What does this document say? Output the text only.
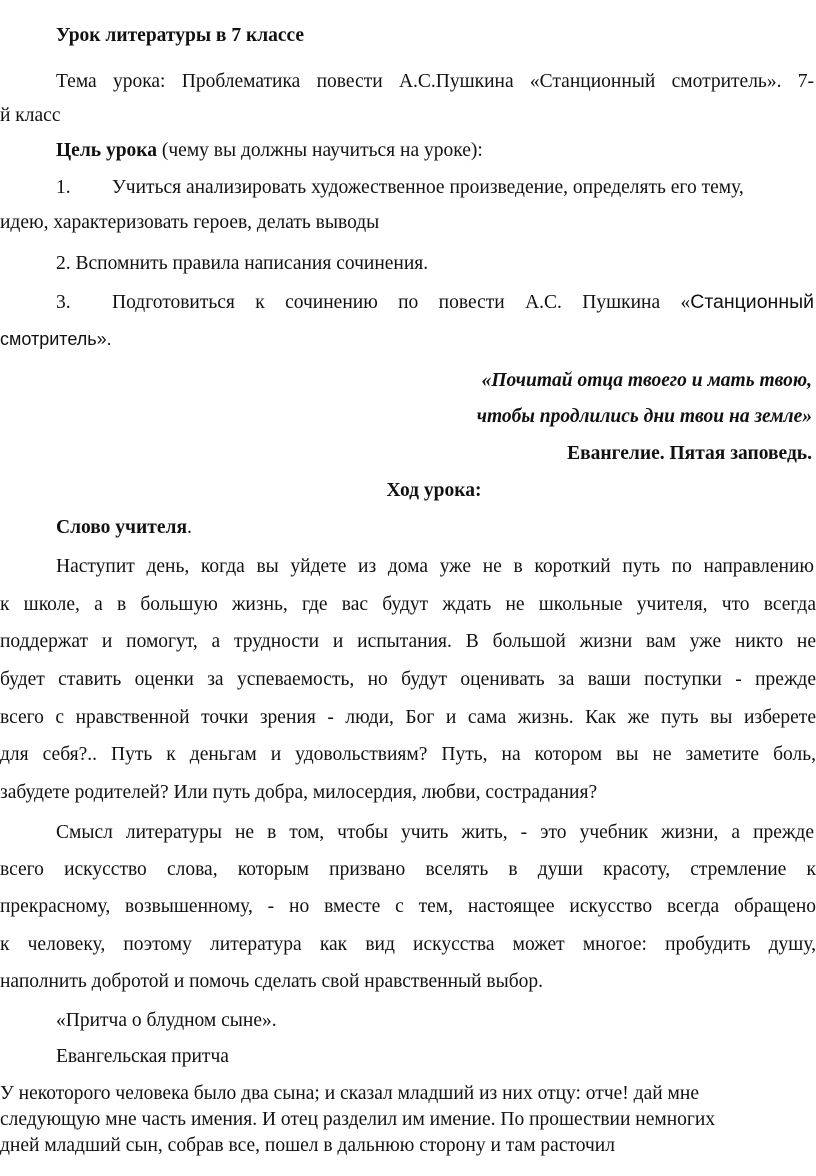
Урок литературы в 7 классе
Тема урока: Проблематика повести А.С.Пушкина «Станционный смотритель». 7-
й класс
Цель урока (чему вы должны научиться на уроке):
1. Учиться анализировать художественное произведение, определять его тему,
идею, характеризовать героев, делать выводы
2. Вспомнить правила написания сочинения.
3. Подготовиться к сочинению по повести А.С. Пушкина «Станционный
смотритель».
«Почитай отца твоего и мать твою,
чтобы продлились дни твои на земле»
Евангелие. Пятая заповедь.
Ход урока:
Слово учителя.
Наступит день, когда вы уйдете из дома уже не в короткий путь по направлению
к школе, а в большую жизнь, где вас будут ждать не школьные учителя, что всегда
поддержат и помогут, а трудности и испытания. В большой жизни вам уже никто не
будет ставить оценки за успеваемость, но будут оценивать за ваши поступки - прежде
всего с нравственной точки зрения - люди, Бог и сама жизнь. Как же путь вы изберете
для себя?.. Путь к деньгам и удовольствиям? Путь, на котором вы не заметите боль,
забудете родителей? Или путь добра, милосердия, любви, сострадания?
Смысл литературы не в том, чтобы учить жить, - это учебник жизни, а прежде
всего искусство слова, которым призвано вселять в души красоту, стремление к
прекрасному, возвышенному, - но вместе с тем, настоящее искусство всегда обращено
к человеку, поэтому литература как вид искусства может многое: пробудить душу,
наполнить добротой и помочь сделать свой нравственный выбор.
«Притча о блудном сыне».
Евангельская притча
У некоторого человека было два сына; и сказал младший из них отцу: отче! дай мне
следующую мне часть имения. И отец разделил им имение. По прошествии немногих
дней младший сын, собрав все, пошел в дальнюю сторону и там расточил
